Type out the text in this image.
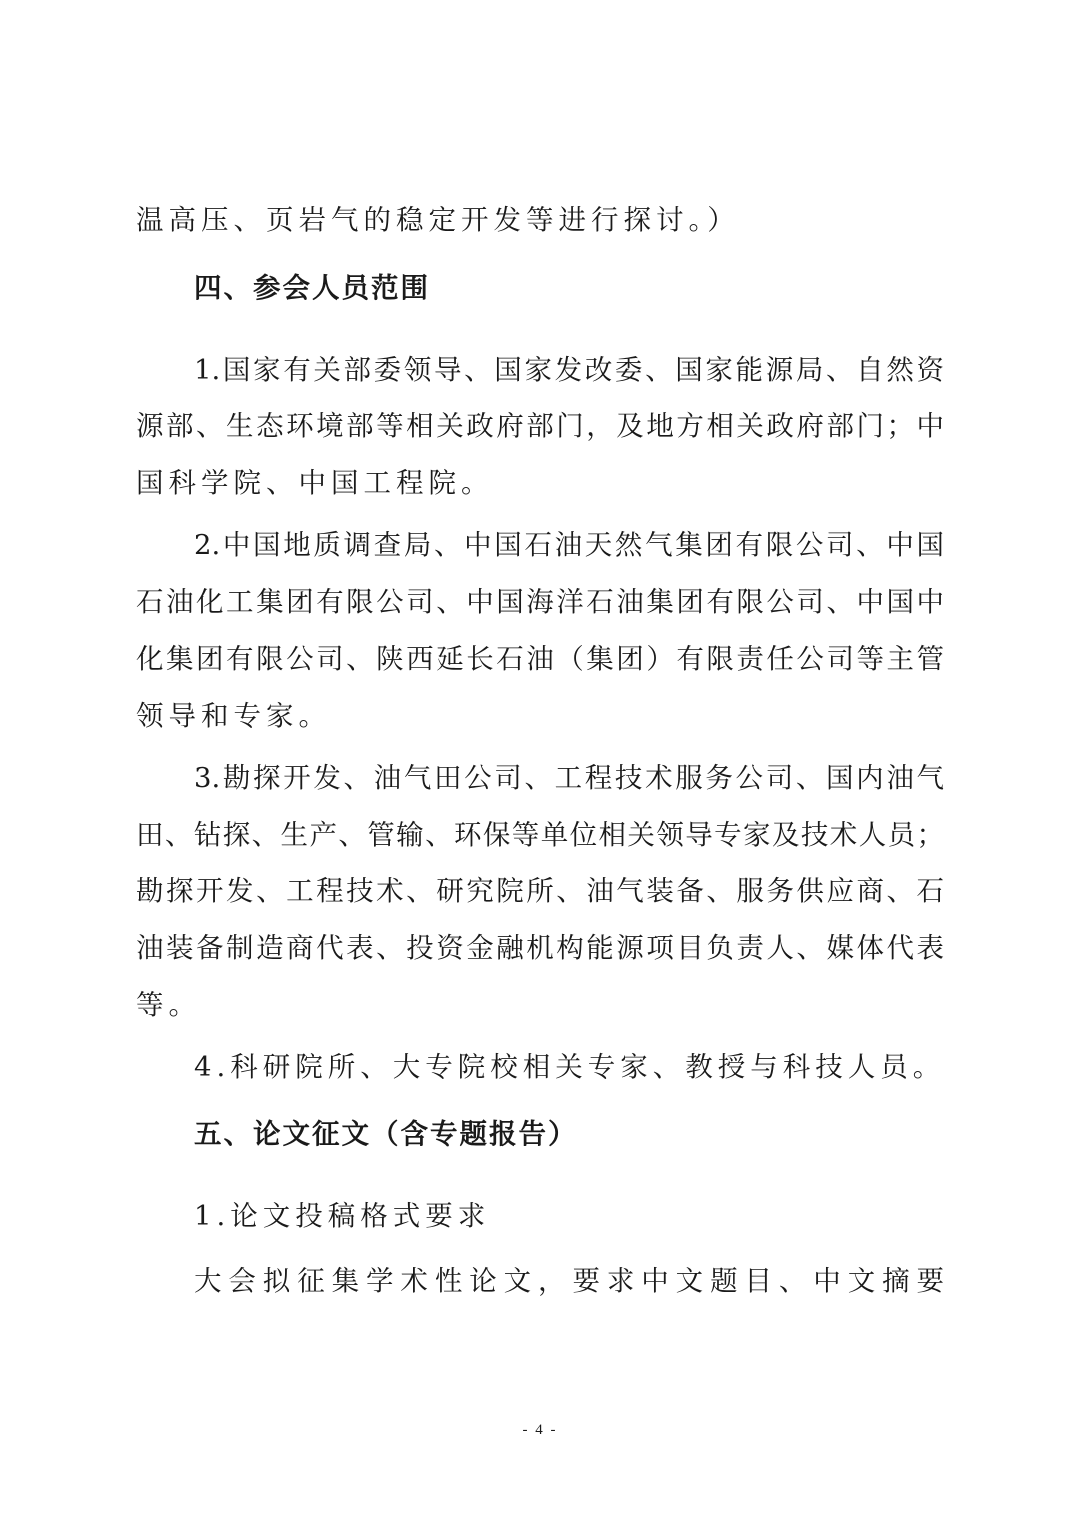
温高压、页岩气的稳定开发等进行探讨。）
四、参会人员范围
1.国家有关部委领导、国家发改委、国家能源局、自然资
源部、生态环境部等相关政府部门，及地方相关政府部门；中
国科学院、中国工程院。
2.中国地质调查局、中国石油天然气集团有限公司、中国
石油化工集团有限公司、中国海洋石油集团有限公司、中国中
化集团有限公司、陕西延长石油（集团）有限责任公司等主管
领导和专家。
3.勘探开发、油气田公司、工程技术服务公司、国内油气
田、钻探、生产、管输、环保等单位相关领导专家及技术人员；
勘探开发、工程技术、研究院所、油气装备、服务供应商、石
油装备制造商代表、投资金融机构能源项目负责人、媒体代表
等。
4.科研院所、大专院校相关专家、教授与科技人员。
五、论文征文（含专题报告）
1.论文投稿格式要求
大会拟征集学术性论文，要求中文题目、中文摘要
- 4 -
